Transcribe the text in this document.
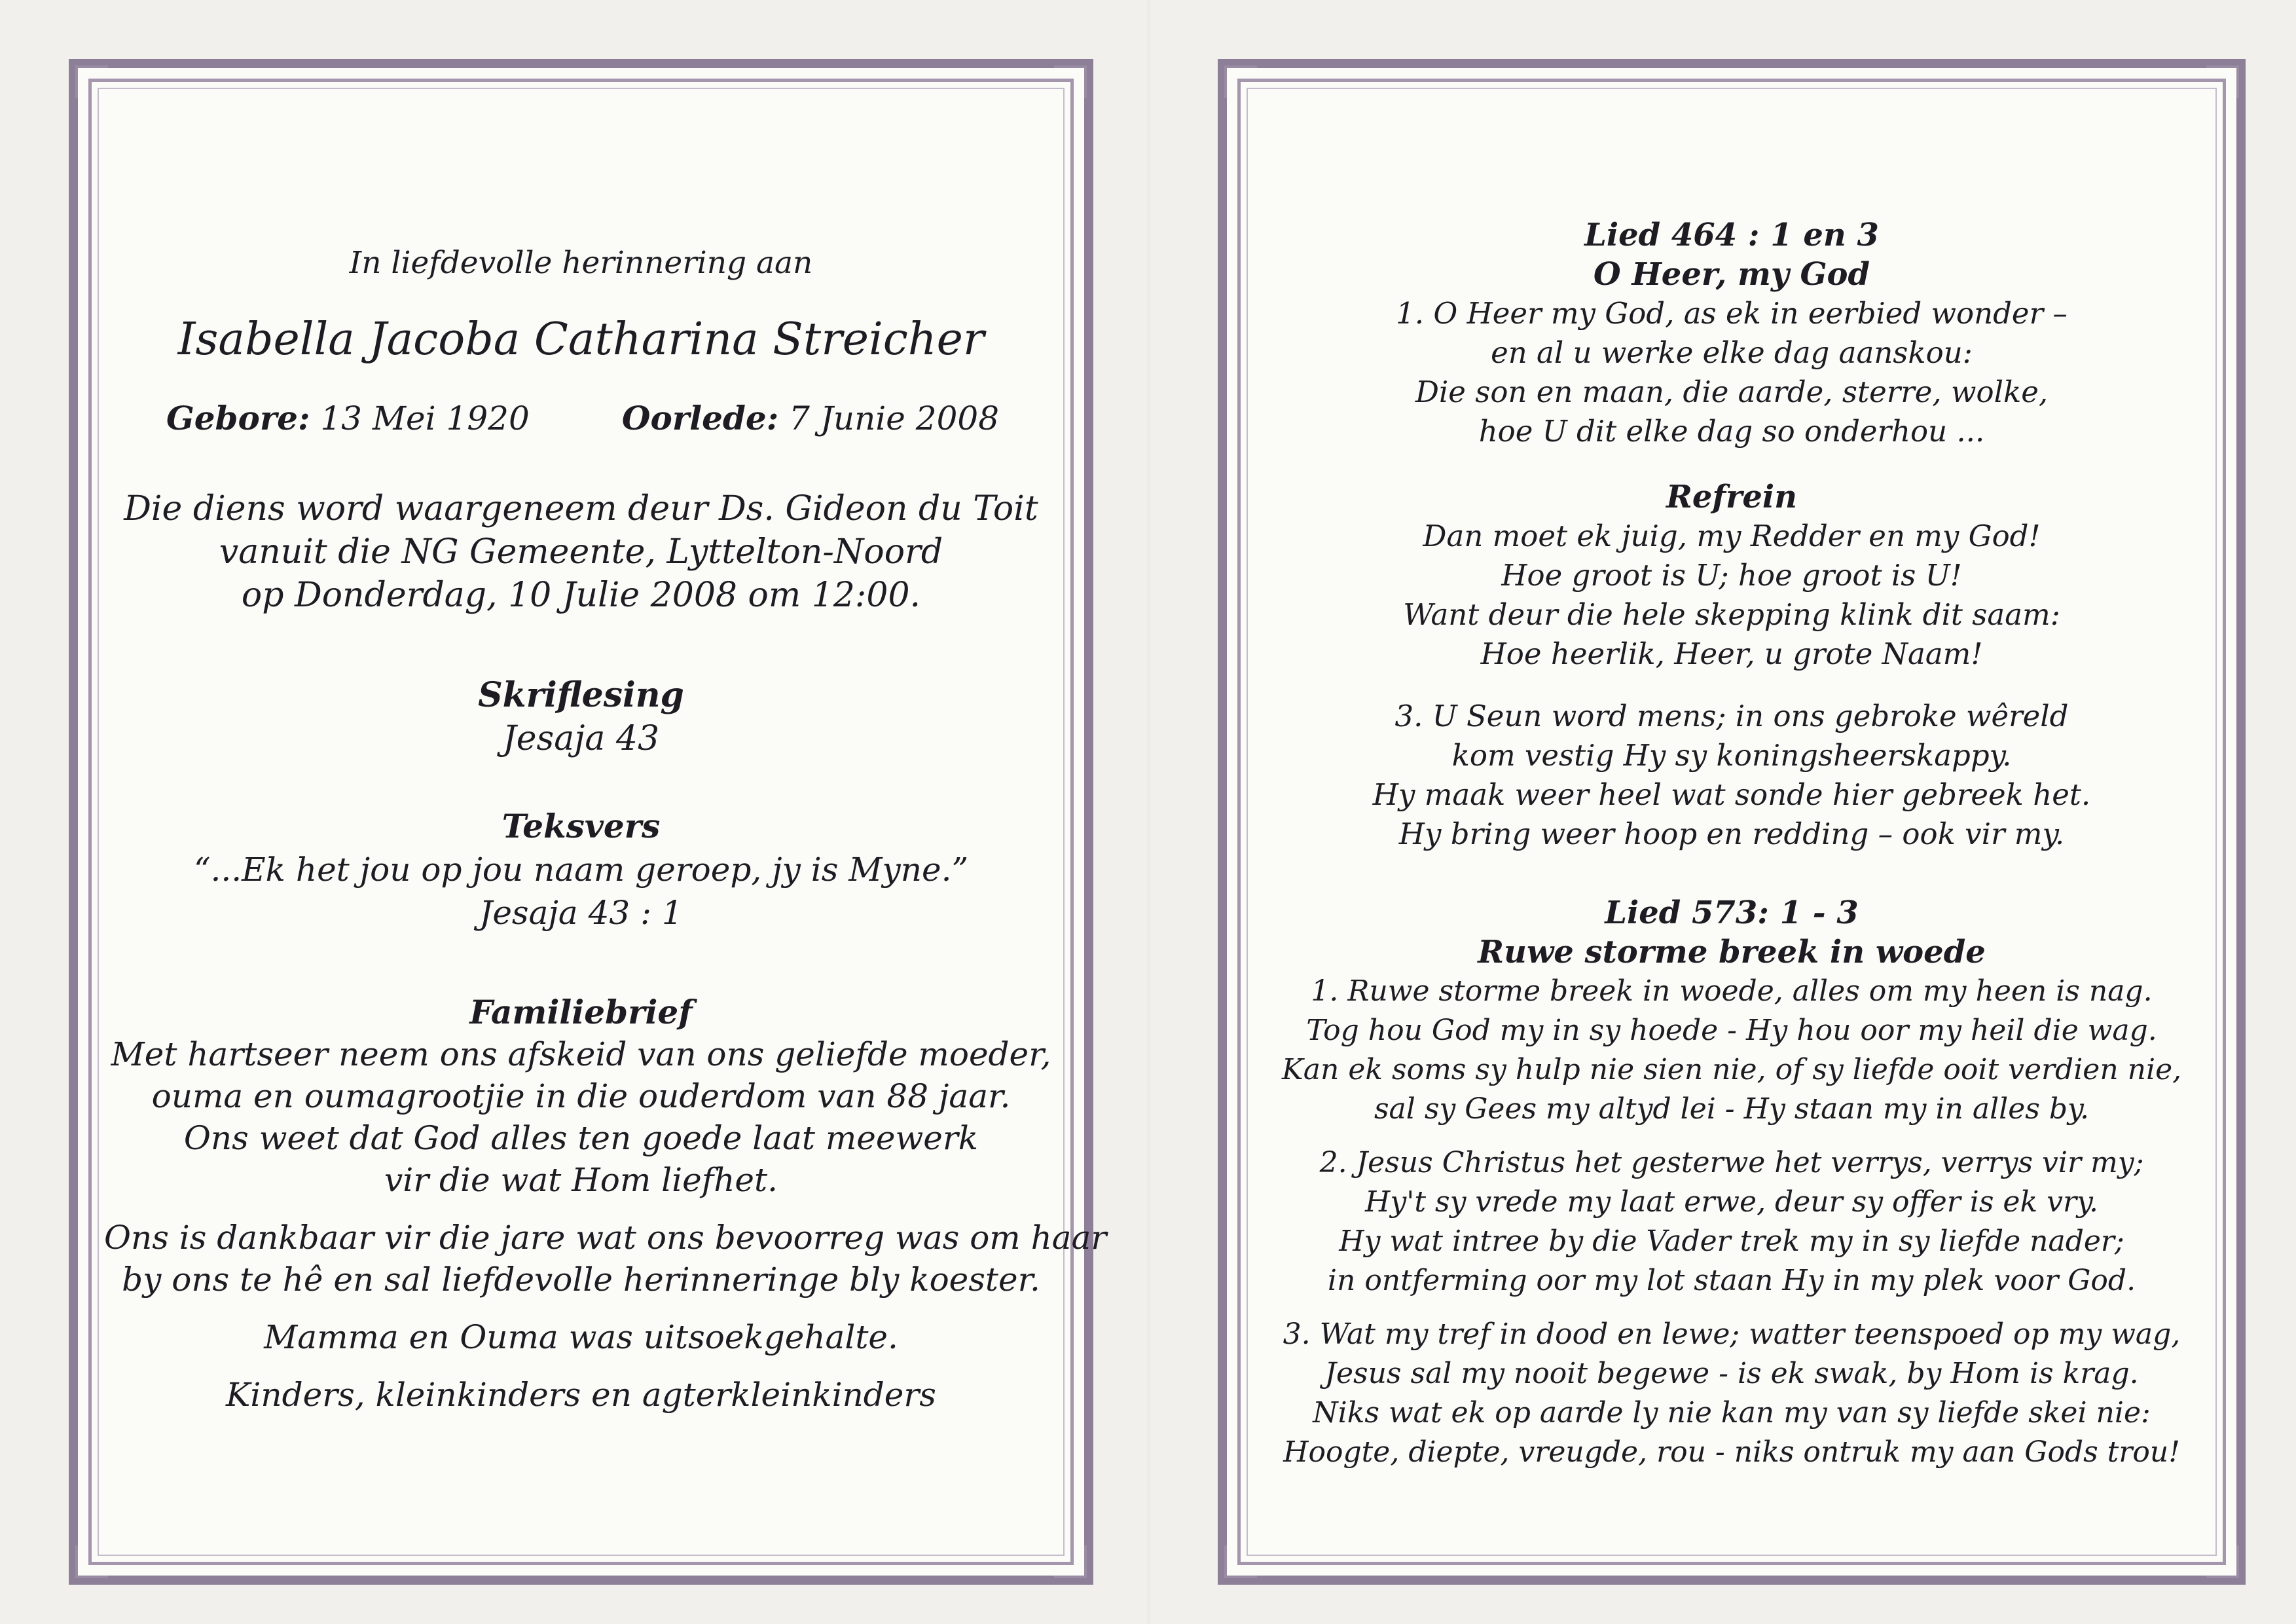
In liefdevolle herinnering aan
Isabella Jacoba Catharina Streicher
Gebore: 13 Mei 1920	Oorlede: 7 Junie 2008
Die diens word waargeneem deur Ds. Gideon du Toit
vanuit die NG Gemeente, Lyttelton-Noord
op Donderdag, 10 Julie 2008 om 12:00.
Skriflesing
Jesaja 43
Teksvers
“...Ek het jou op jou naam geroep, jy is Myne.”
Jesaja 43 : 1
Familiebrief
Met hartseer neem ons afskeid van ons geliefde moeder,
ouma en oumagrootjie in die ouderdom van 88 jaar.
Ons weet dat God alles ten goede laat meewerk
vir die wat Hom liefhet.
Ons is dankbaar vir die jare wat ons bevoorreg was om haar
by ons te hê en sal liefdevolle herinneringe bly koester.
Mamma en Ouma was uitsoekgehalte.
Kinders, kleinkinders en agterkleinkinders
Lied 464 : 1 en 3
O Heer, my God
1. O Heer my God, as ek in eerbied wonder –
en al u werke elke dag aanskou:
Die son en maan, die aarde, sterre, wolke,
hoe U dit elke dag so onderhou ...
Refrein
Dan moet ek juig, my Redder en my God!
Hoe groot is U; hoe groot is U!
Want deur die hele skepping klink dit saam:
Hoe heerlik, Heer, u grote Naam!
3. U Seun word mens; in ons gebroke wêreld
kom vestig Hy sy koningsheerskappy.
Hy maak weer heel wat sonde hier gebreek het.
Hy bring weer hoop en redding – ook vir my.
Lied 573: 1 - 3
Ruwe storme breek in woede
1. Ruwe storme breek in woede, alles om my heen is nag.
Tog hou God my in sy hoede - Hy hou oor my heil die wag.
Kan ek soms sy hulp nie sien nie, of sy liefde ooit verdien nie,
sal sy Gees my altyd lei - Hy staan my in alles by.
2. Jesus Christus het gesterwe het verrys, verrys vir my;
Hy't sy vrede my laat erwe, deur sy offer is ek vry.
Hy wat intree by die Vader trek my in sy liefde nader;
in ontferming oor my lot staan Hy in my plek voor God.
3. Wat my tref in dood en lewe; watter teenspoed op my wag,
Jesus sal my nooit begewe - is ek swak, by Hom is krag.
Niks wat ek op aarde ly nie kan my van sy liefde skei nie:
Hoogte, diepte, vreugde, rou - niks ontruk my aan Gods trou!
